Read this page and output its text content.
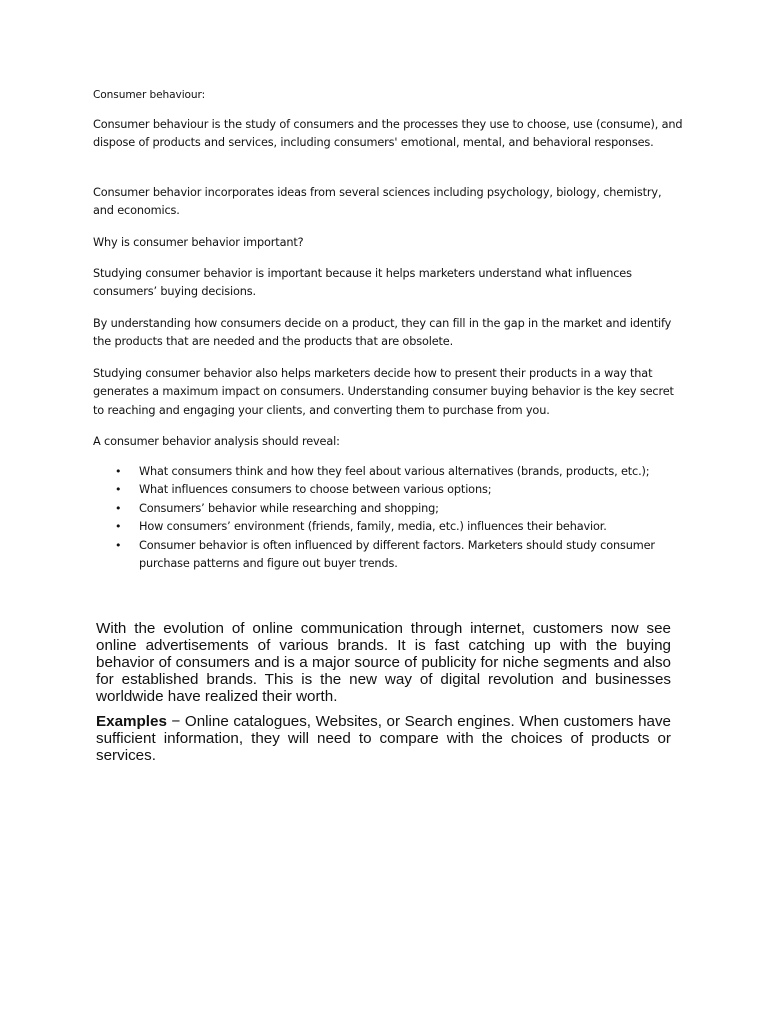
Consumer behaviour:

Consumer behaviour is the study of consumers and the processes they use to choose, use (consume), and dispose of products and services, including consumers' emotional, mental, and behavioral responses.

Consumer behavior incorporates ideas from several sciences including psychology, biology, chemistry, and economics.

Why is consumer behavior important?

Studying consumer behavior is important because it helps marketers understand what influences consumers’ buying decisions.

By understanding how consumers decide on a product, they can fill in the gap in the market and identify the products that are needed and the products that are obsolete.

Studying consumer behavior also helps marketers decide how to present their products in a way that generates a maximum impact on consumers. Understanding consumer buying behavior is the key secret to reaching and engaging your clients, and converting them to purchase from you.

A consumer behavior analysis should reveal:

• What consumers think and how they feel about various alternatives (brands, products, etc.);
• What influences consumers to choose between various options;
• Consumers’ behavior while researching and shopping;
• How consumers’ environment (friends, family, media, etc.) influences their behavior.
• Consumer behavior is often influenced by different factors. Marketers should study consumer purchase patterns and figure out buyer trends.

With the evolution of online communication through internet, customers now see online advertisements of various brands. It is fast catching up with the buying behavior of consumers and is a major source of publicity for niche segments and also for established brands. This is the new way of digital revolution and businesses worldwide have realized their worth.

Examples − Online catalogues, Websites, or Search engines. When customers have sufficient information, they will need to compare with the choices of products or services.
